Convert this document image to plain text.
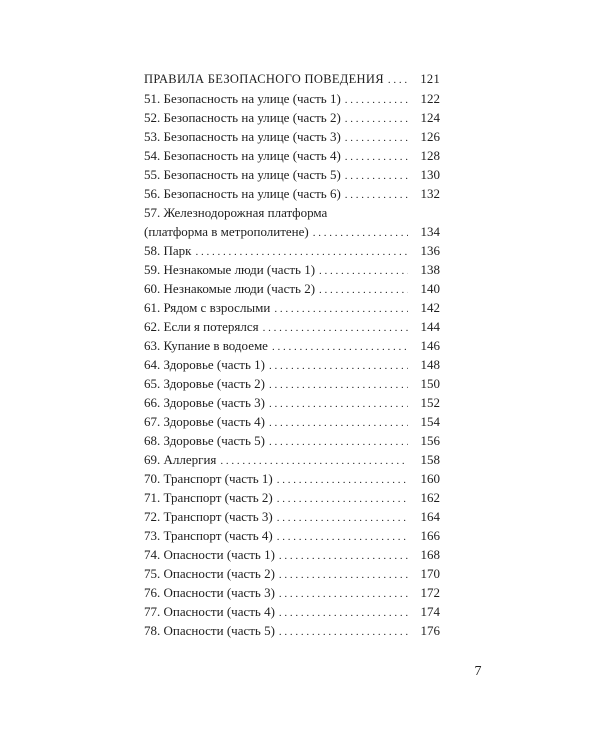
ПРАВИЛА БЕЗОПАСНОГО ПОВЕДЕНИЯ . . .	121
51. Безопасность на улице (часть 1) . . .	122
52. Безопасность на улице (часть 2) . . .	124
53. Безопасность на улице (часть 3) . . .	126
54. Безопасность на улице (часть 4) . . .	128
55. Безопасность на улице (часть 5) . . .	130
56. Безопасность на улице (часть 6) . . .	132
57. Железнодорожная платформа
(платформа в метрополитене) . . .	134
58. Парк . . .	136
59. Незнакомые люди (часть 1) . . .	138
60. Незнакомые люди (часть 2) . . .	140
61. Рядом с взрослыми . . .	142
62. Если я потерялся . . .	144
63. Купание в водоеме . . .	146
64. Здоровье (часть 1) . . .	148
65. Здоровье (часть 2) . . .	150
66. Здоровье (часть 3) . . .	152
67. Здоровье (часть 4) . . .	154
68. Здоровье (часть 5) . . .	156
69. Аллергия . . .	158
70. Транспорт (часть 1) . . .	160
71. Транспорт (часть 2) . . .	162
72. Транспорт (часть 3) . . .	164
73. Транспорт (часть 4) . . .	166
74. Опасности (часть 1) . . .	168
75. Опасности (часть 2) . . .	170
76. Опасности (часть 3) . . .	172
77. Опасности (часть 4) . . .	174
78. Опасности (часть 5) . . .	176
7
